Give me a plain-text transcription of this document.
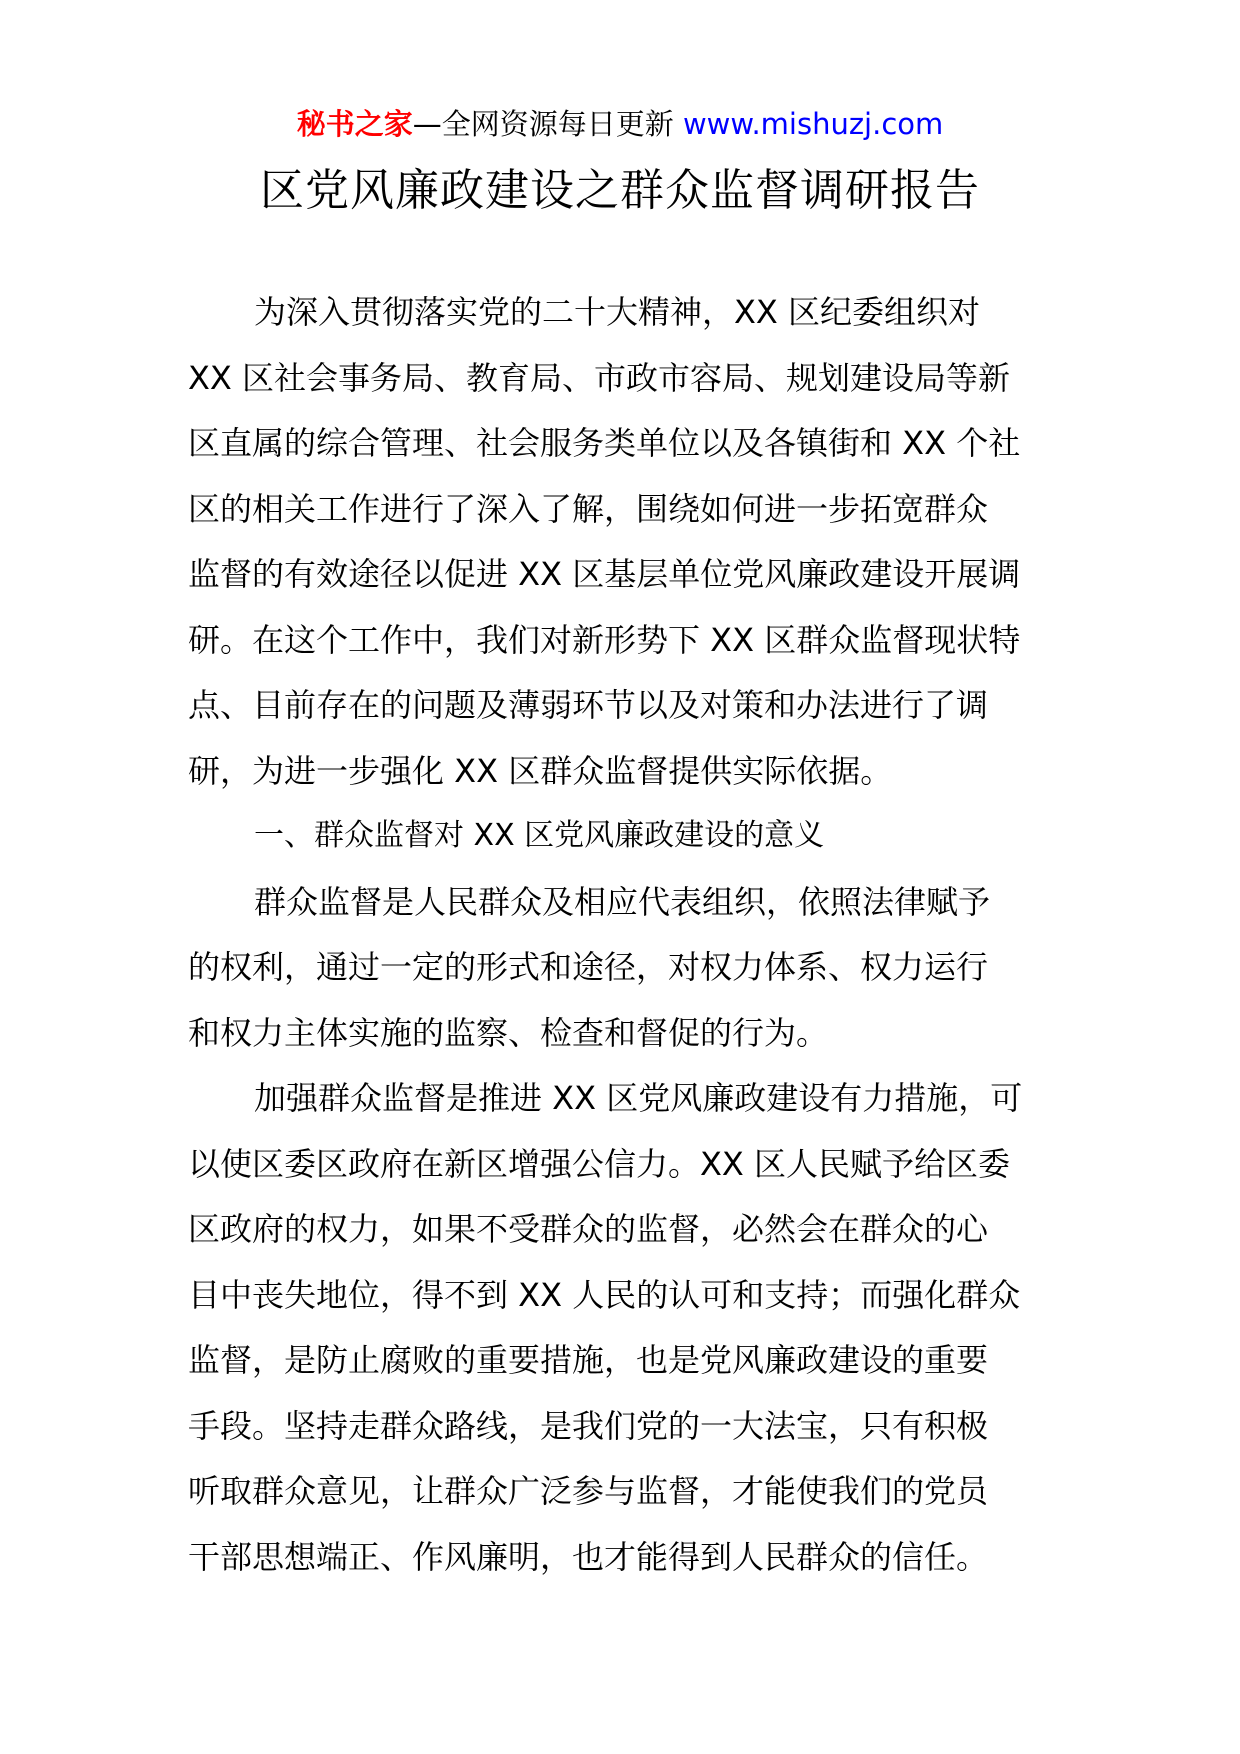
秘书之家—全网资源每日更新 www.mishuzj.com
区党风廉政建设之群众监督调研报告
为深入贯彻落实党的二十大精神，XX 区纪委组织对
XX 区社会事务局、教育局、市政市容局、规划建设局等新
区直属的综合管理、社会服务类单位以及各镇街和 XX 个社
区的相关工作进行了深入了解，围绕如何进一步拓宽群众
监督的有效途径以促进 XX 区基层单位党风廉政建设开展调
研。在这个工作中，我们对新形势下 XX 区群众监督现状特
点、目前存在的问题及薄弱环节以及对策和办法进行了调
研，为进一步强化 XX 区群众监督提供实际依据。
一、群众监督对 XX 区党风廉政建设的意义
群众监督是人民群众及相应代表组织，依照法律赋予
的权利，通过一定的形式和途径，对权力体系、权力运行
和权力主体实施的监察、检查和督促的行为。
加强群众监督是推进 XX 区党风廉政建设有力措施，可
以使区委区政府在新区增强公信力。XX 区人民赋予给区委
区政府的权力，如果不受群众的监督，必然会在群众的心
目中丧失地位，得不到 XX 人民的认可和支持；而强化群众
监督，是防止腐败的重要措施，也是党风廉政建设的重要
手段。坚持走群众路线，是我们党的一大法宝，只有积极
听取群众意见，让群众广泛参与监督，才能使我们的党员
干部思想端正、作风廉明，也才能得到人民群众的信任。
